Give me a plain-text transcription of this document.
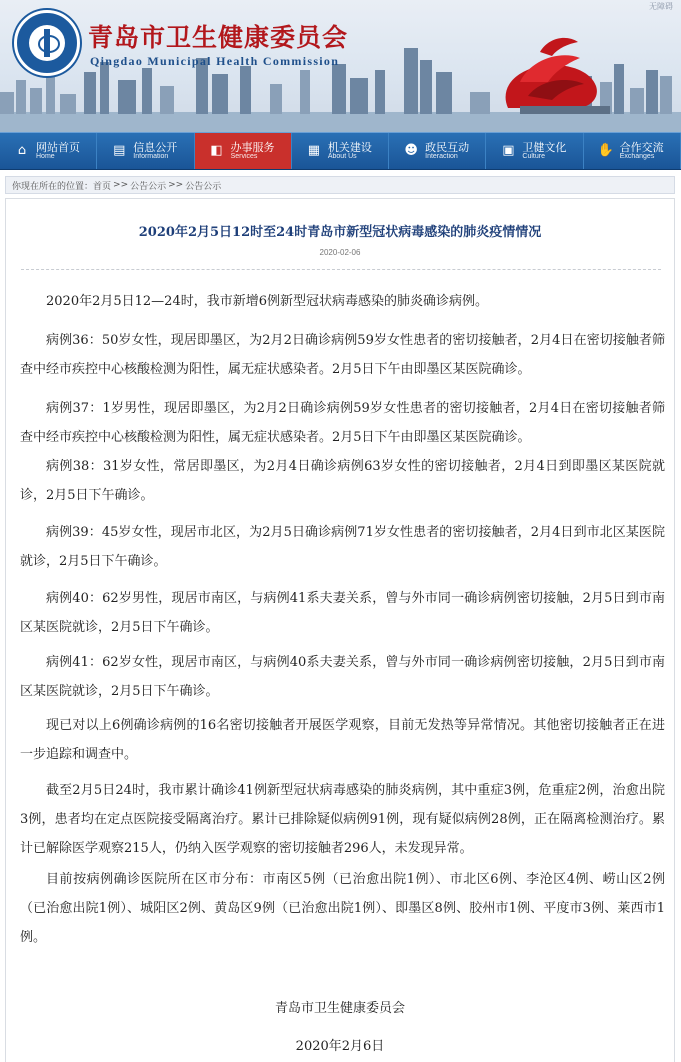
青岛市卫生健康委员会
Qingdao Municipal Health Commission
无障碍
⌂ 网站首页
Home	▤ 信息公开
Information	◧ 办事服务
Services	▦ 机关建设
About Us	☻ 政民互动
Interaction	▣ 卫健文化
Culture	✋ 合作交流
Exchanges
你现在所在的位置： 首页 >> 公告公示 >> 公告公示
2020年2月5日12时至24时青岛市新型冠状病毒感染的肺炎疫情情况
2020-02-06

2020年2月5日12—24时，我市新增6例新型冠状病毒感染的肺炎确诊病例。

病例36：50岁女性，现居即墨区，为2月2日确诊病例59岁女性患者的密切接触者，2月4日在密切接触者筛查中经市疾控中心核酸检测为阳性，属无症状感染者。2月5日下午由即墨区某医院确诊。

病例37：1岁男性，现居即墨区，为2月2日确诊病例59岁女性患者的密切接触者，2月4日在密切接触者筛查中经市疾控中心核酸检测为阳性，属无症状感染者。2月5日下午由即墨区某医院确诊。

病例38：31岁女性，常居即墨区，为2月4日确诊病例63岁女性的密切接触者，2月4日到即墨区某医院就诊，2月5日下午确诊。

病例39：45岁女性，现居市北区，为2月5日确诊病例71岁女性患者的密切接触者，2月4日到市北区某医院就诊，2月5日下午确诊。

病例40：62岁男性，现居市南区，与病例41系夫妻关系，曾与外市同一确诊病例密切接触，2月5日到市南区某医院就诊，2月5日下午确诊。

病例41：62岁女性，现居市南区，与病例40系夫妻关系，曾与外市同一确诊病例密切接触，2月5日到市南区某医院就诊，2月5日下午确诊。

现已对以上6例确诊病例的16名密切接触者开展医学观察，目前无发热等异常情况。其他密切接触者正在进一步追踪和调查中。

截至2月5日24时，我市累计确诊41例新型冠状病毒感染的肺炎病例，其中重症3例，危重症2例，治愈出院3例，患者均在定点医院接受隔离治疗。累计已排除疑似病例91例，现有疑似病例28例，正在隔离检测治疗。累计已解除医学观察215人，仍纳入医学观察的密切接触者296人，未发现异常。

目前按病例确诊医院所在区市分布：市南区5例（已治愈出院1例）、市北区6例、李沧区4例、崂山区2例（已治愈出院1例）、城阳区2例、黄岛区9例（已治愈出院1例）、即墨区8例、胶州市1例、平度市3例、莱西市1例。

青岛市卫生健康委员会
2020年2月6日
